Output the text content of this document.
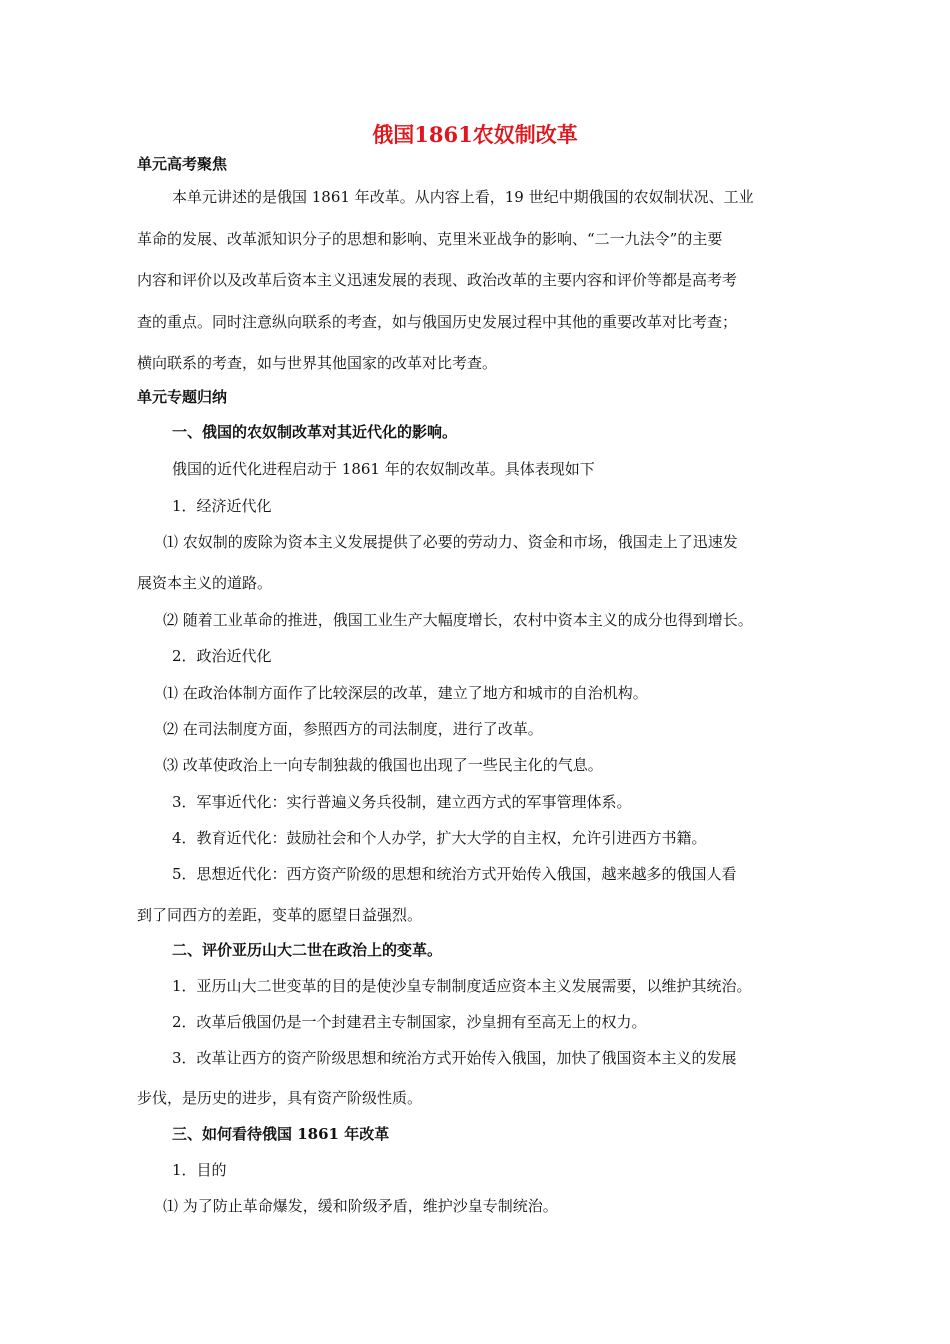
俄国1861农奴制改革
单元高考聚焦
本单元讲述的是俄国 1861 年改革。从内容上看，19 世纪中期俄国的农奴制状况、工业
革命的发展、改革派知识分子的思想和影响、克里米亚战争的影响、“二一九法令”的主要
内容和评价以及改革后资本主义迅速发展的表现、政治改革的主要内容和评价等都是高考考
查的重点。同时注意纵向联系的考查，如与俄国历史发展过程中其他的重要改革对比考查；
横向联系的考查，如与世界其他国家的改革对比考查。
单元专题归纳
一、俄国的农奴制改革对其近代化的影响。
俄国的近代化进程启动于 1861 年的农奴制改革。具体表现如下
1．经济近代化
⑴ 农奴制的废除为资本主义发展提供了必要的劳动力、资金和市场，俄国走上了迅速发
展资本主义的道路。
⑵ 随着工业革命的推进，俄国工业生产大幅度增长，农村中资本主义的成分也得到增长。
2．政治近代化
⑴ 在政治体制方面作了比较深层的改革，建立了地方和城市的自治机构。
⑵ 在司法制度方面，参照西方的司法制度，进行了改革。
⑶ 改革使政治上一向专制独裁的俄国也出现了一些民主化的气息。
3．军事近代化：实行普遍义务兵役制，建立西方式的军事管理体系。
4．教育近代化：鼓励社会和个人办学，扩大大学的自主权，允许引进西方书籍。
5．思想近代化：西方资产阶级的思想和统治方式开始传入俄国，越来越多的俄国人看
到了同西方的差距，变革的愿望日益强烈。
二、评价亚历山大二世在政治上的变革。
1．亚历山大二世变革的目的是使沙皇专制制度适应资本主义发展需要，以维护其统治。
2．改革后俄国仍是一个封建君主专制国家，沙皇拥有至高无上的权力。
3．改革让西方的资产阶级思想和统治方式开始传入俄国，加快了俄国资本主义的发展
步伐，是历史的进步，具有资产阶级性质。
三、如何看待俄国 1861 年改革
1．目的
⑴ 为了防止革命爆发，缓和阶级矛盾，维护沙皇专制统治。
